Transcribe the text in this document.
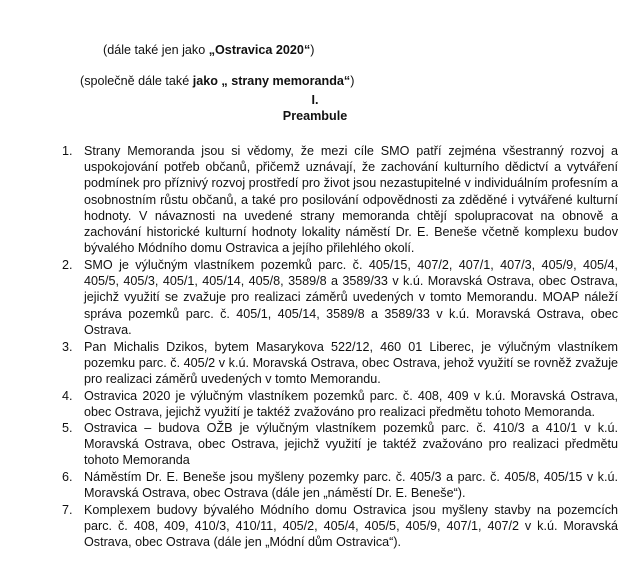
(dále také jen jako „Ostravica 2020“)
(společně dále také jako „ strany memoranda“)
I.
Preambule
1. Strany Memoranda jsou si vědomy, že mezi cíle SMO patří zejména všestranný rozvoj a uspokojování potřeb občanů, přičemž uznávají, že zachování kulturního dědictví a vytváření podmínek pro příznivý rozvoj prostředí pro život jsou nezastupitelné v individuálním profesním a osobnostním růstu občanů, a také pro posilování odpovědnosti za zděděné i vytvářené kulturní hodnoty. V návaznosti na uvedené strany memoranda chtějí spolupracovat na obnově a zachování historické kulturní hodnoty lokality náměstí Dr. E. Beneše včetně komplexu budov bývalého Módního domu Ostravica a jejího přilehlého okolí.
2. SMO je výlučným vlastníkem pozemků parc. č. 405/15, 407/2, 407/1, 407/3, 405/9, 405/4, 405/5, 405/3, 405/1, 405/14, 405/8, 3589/8 a 3589/33 v k.ú. Moravská Ostrava, obec Ostrava, jejichž využití se zvažuje pro realizaci záměrů uvedených v tomto Memorandu. MOAP náleží správa pozemků parc. č. 405/1, 405/14, 3589/8 a 3589/33 v k.ú. Moravská Ostrava, obec Ostrava.
3. Pan Michalis Dzikos, bytem Masarykova 522/12, 460 01 Liberec, je výlučným vlastníkem pozemku parc. č. 405/2 v k.ú. Moravská Ostrava, obec Ostrava, jehož využití se rovněž zvažuje pro realizaci záměrů uvedených v tomto Memorandu.
4. Ostravica 2020 je výlučným vlastníkem pozemků parc. č. 408, 409 v k.ú. Moravská Ostrava, obec Ostrava, jejichž využití je taktéž zvažováno pro realizaci předmětu tohoto Memoranda.
5. Ostravica – budova OŽB je výlučným vlastníkem pozemků parc. č. 410/3 a 410/1 v k.ú. Moravská Ostrava, obec Ostrava, jejichž využití je taktéž zvažováno pro realizaci předmětu tohoto Memoranda
6. Náměstím Dr. E. Beneše jsou myšleny pozemky parc. č. 405/3 a parc. č. 405/8, 405/15 v k.ú. Moravská Ostrava, obec Ostrava (dále jen „náměstí Dr. E. Beneše“).
7. Komplexem budovy bývalého Módního domu Ostravica jsou myšleny stavby na pozemcích parc. č. 408, 409, 410/3, 410/11, 405/2, 405/4, 405/5, 405/9, 407/1, 407/2 v k.ú. Moravská Ostrava, obec Ostrava (dále jen „Módní dům Ostravica“).
